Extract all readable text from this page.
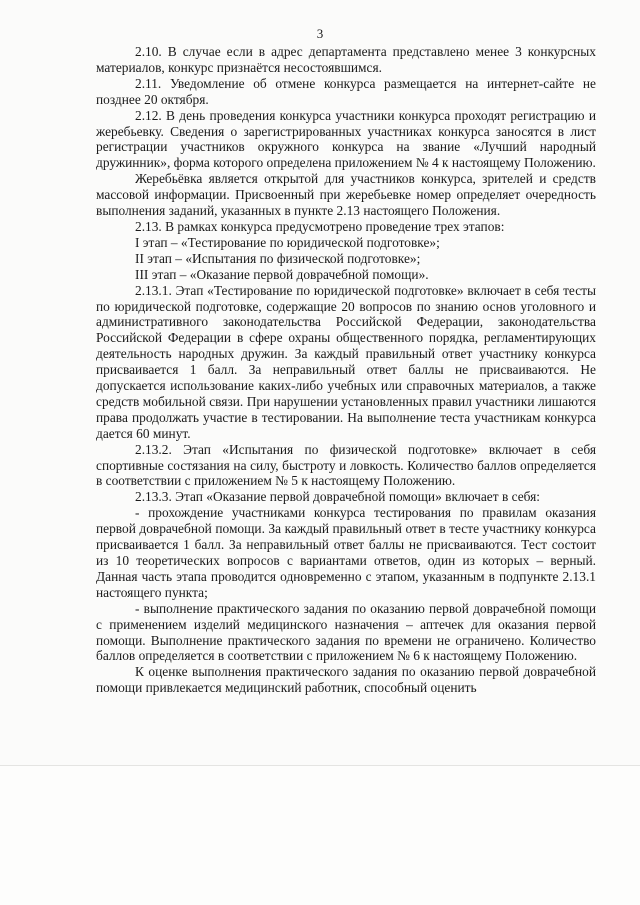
3

2.10. В случае если в адрес департамента представлено менее 3 конкурсных материалов, конкурс признаётся несостоявшимся.

2.11. Уведомление об отмене конкурса размещается на интернет-сайте не позднее 20 октября.

2.12. В день проведения конкурса участники конкурса проходят регистрацию и жеребьевку. Сведения о зарегистрированных участниках конкурса заносятся в лист регистрации участников окружного конкурса на звание «Лучший народный дружинник», форма которого определена приложением № 4 к настоящему Положению.

Жеребьёвка является открытой для участников конкурса, зрителей и средств массовой информации. Присвоенный при жеребьевке номер определяет очередность выполнения заданий, указанных в пункте 2.13 настоящего Положения.

2.13. В рамках конкурса предусмотрено проведение трех этапов:

I этап – «Тестирование по юридической подготовке»;

II этап – «Испытания по физической подготовке»;

III этап – «Оказание первой доврачебной помощи».

2.13.1. Этап «Тестирование по юридической подготовке» включает в себя тесты по юридической подготовке, содержащие 20 вопросов по знанию основ уголовного и административного законодательства Российской Федерации, законодательства Российской Федерации в сфере охраны общественного порядка, регламентирующих деятельность народных дружин. За каждый правильный ответ участнику конкурса присваивается 1 балл. За неправильный ответ баллы не присваиваются. Не допускается использование каких-либо учебных или справочных материалов, а также средств мобильной связи. При нарушении установленных правил участники лишаются права продолжать участие в тестировании. На выполнение теста участникам конкурса дается 60 минут.

2.13.2. Этап «Испытания по физической подготовке» включает в себя спортивные состязания на силу, быстроту и ловкость. Количество баллов определяется в соответствии с приложением № 5 к настоящему Положению.

2.13.3. Этап «Оказание первой доврачебной помощи» включает в себя:

- прохождение участниками конкурса тестирования по правилам оказания первой доврачебной помощи. За каждый правильный ответ в тесте участнику конкурса присваивается 1 балл. За неправильный ответ баллы не присваиваются. Тест состоит из 10 теоретических вопросов с вариантами ответов, один из которых – верный. Данная часть этапа проводится одновременно с этапом, указанным в подпункте 2.13.1 настоящего пункта;

- выполнение практического задания по оказанию первой доврачебной помощи с применением изделий медицинского назначения – аптечек для оказания первой помощи. Выполнение практического задания по времени не ограничено. Количество баллов определяется в соответствии с приложением № 6 к настоящему Положению.

К оценке выполнения практического задания по оказанию первой доврачебной помощи привлекается медицинский работник, способный оценить
